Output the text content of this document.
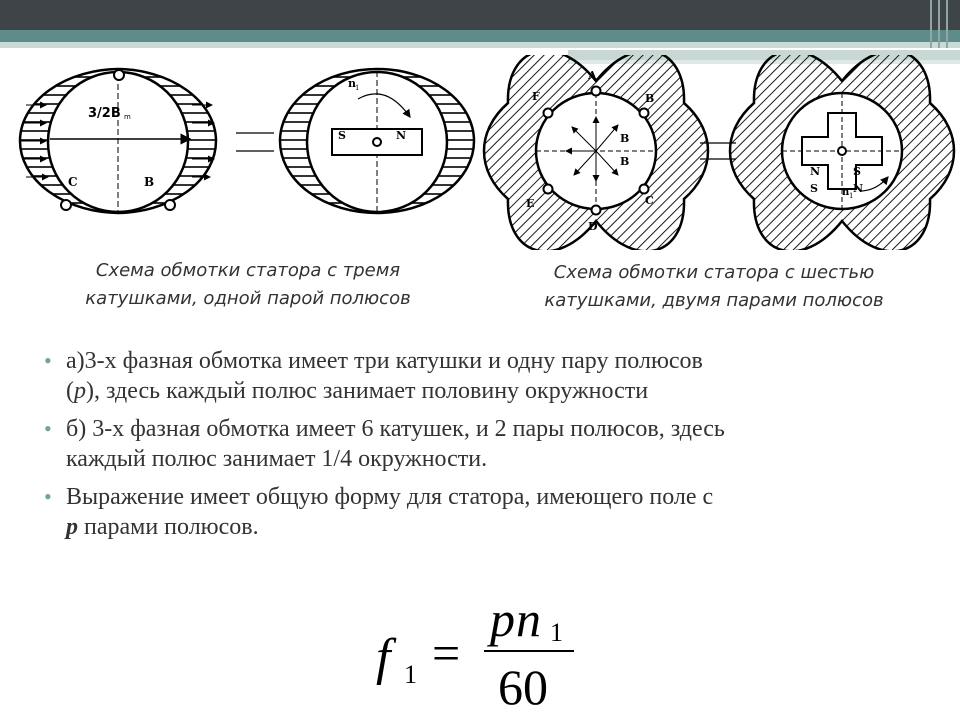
3/2B m
C	B
n 1
S	N
A
B
C
D
E
F
B
B
S	N
N	S
n 1
Схема обмотки статора с тремя
катушками, одной парой полюсов
Схема обмотки статора с шестью
катушками, двумя парами полюсов
• а)3-х фазная обмотка имеет три катушки и одну пару полюсов
(р), здесь каждый полюс занимает половину окружности
• б) 3-х фазная обмотка имеет 6 катушек, и 2 пары полюсов, здесь
каждый полюс занимает 1/4 окружности.
• Выражение имеет общую форму для статора, имеющего поле с
р парами полюсов.
f 1 =
p n 1
60
